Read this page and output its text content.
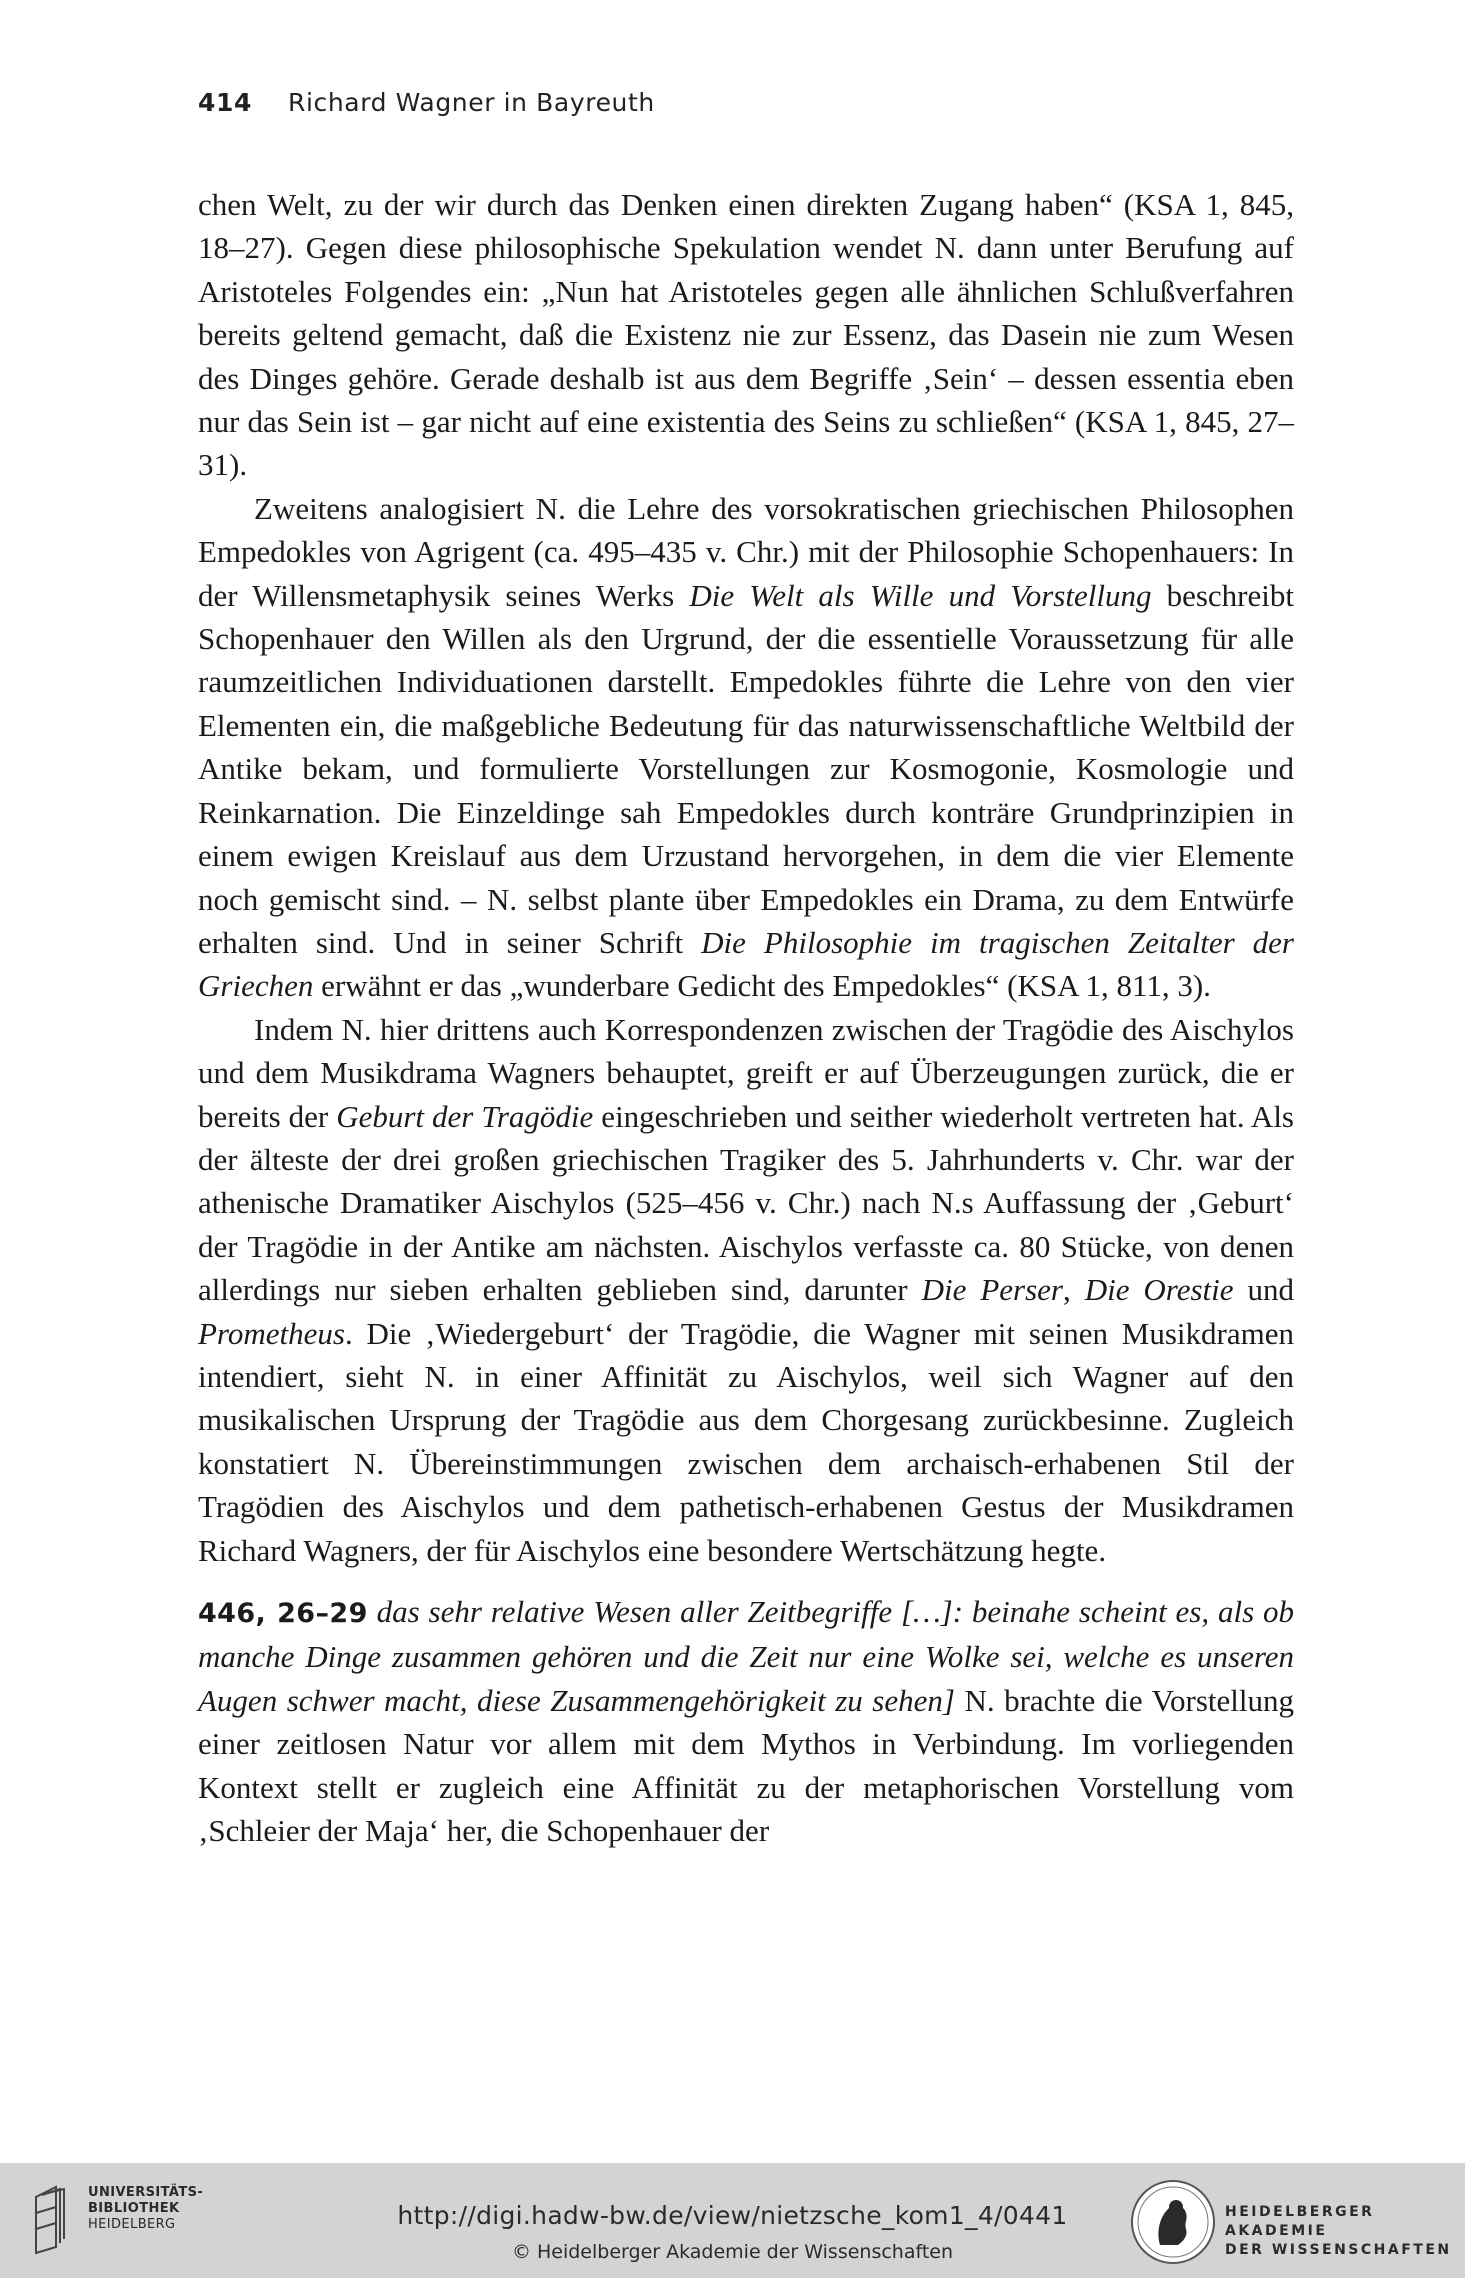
414 Richard Wagner in Bayreuth

chen Welt, zu der wir durch das Denken einen direkten Zugang haben“ (KSA 1, 845, 18–27). Gegen diese philosophische Spekulation wendet N. dann unter Berufung auf Aristoteles Folgendes ein: „Nun hat Aristoteles gegen alle ähnlichen Schlußverfahren bereits geltend gemacht, daß die Existenz nie zur Essenz, das Dasein nie zum Wesen des Dinges gehöre. Gerade deshalb ist aus dem Begriffe ‚Sein‘ – dessen essentia eben nur das Sein ist – gar nicht auf eine existentia des Seins zu schließen“ (KSA 1, 845, 27–31).

Zweitens analogisiert N. die Lehre des vorsokratischen griechischen Philosophen Empedokles von Agrigent (ca. 495–435 v. Chr.) mit der Philosophie Schopenhauers: In der Willensmetaphysik seines Werks Die Welt als Wille und Vorstellung beschreibt Schopenhauer den Willen als den Urgrund, der die essentielle Voraussetzung für alle raumzeitlichen Individuationen darstellt. Empedokles führte die Lehre von den vier Elementen ein, die maßgebliche Bedeutung für das naturwissenschaftliche Weltbild der Antike bekam, und formulierte Vorstellungen zur Kosmogonie, Kosmologie und Reinkarnation. Die Einzeldinge sah Empedokles durch konträre Grundprinzipien in einem ewigen Kreislauf aus dem Urzustand hervorgehen, in dem die vier Elemente noch gemischt sind. – N. selbst plante über Empedokles ein Drama, zu dem Entwürfe erhalten sind. Und in seiner Schrift Die Philosophie im tragischen Zeitalter der Griechen erwähnt er das „wunderbare Gedicht des Empedokles“ (KSA 1, 811, 3).

Indem N. hier drittens auch Korrespondenzen zwischen der Tragödie des Aischylos und dem Musikdrama Wagners behauptet, greift er auf Überzeugungen zurück, die er bereits der Geburt der Tragödie eingeschrieben und seither wiederholt vertreten hat. Als der älteste der drei großen griechischen Tragiker des 5. Jahrhunderts v. Chr. war der athenische Dramatiker Aischylos (525–456 v. Chr.) nach N.s Auffassung der ‚Geburt‘ der Tragödie in der Antike am nächsten. Aischylos verfasste ca. 80 Stücke, von denen allerdings nur sieben erhalten geblieben sind, darunter Die Perser, Die Orestie und Prometheus. Die ‚Wiedergeburt‘ der Tragödie, die Wagner mit seinen Musikdramen intendiert, sieht N. in einer Affinität zu Aischylos, weil sich Wagner auf den musikalischen Ursprung der Tragödie aus dem Chorgesang zurückbesinne. Zugleich konstatiert N. Übereinstimmungen zwischen dem archaisch-erhabenen Stil der Tragödien des Aischylos und dem pathetisch-erhabenen Gestus der Musikdramen Richard Wagners, der für Aischylos eine besondere Wertschätzung hegte.

446, 26–29 das sehr relative Wesen aller Zeitbegriffe […]: beinahe scheint es, als ob manche Dinge zusammen gehören und die Zeit nur eine Wolke sei, welche es unseren Augen schwer macht, diese Zusammengehörigkeit zu sehen] N. brachte die Vorstellung einer zeitlosen Natur vor allem mit dem Mythos in Verbindung. Im vorliegenden Kontext stellt er zugleich eine Affinität zu der metaphorischen Vorstellung vom ‚Schleier der Maja‘ her, die Schopenhauer der

UNIVERSITÄTS-
BIBLIOTHEK
HEIDELBERG	http://digi.hadw-bw.de/view/nietzsche_kom1_4/0441
© Heidelberger Akademie der Wissenschaften
HEIDELBERGER AKADEMIE
DER WISSENSCHAFTEN
